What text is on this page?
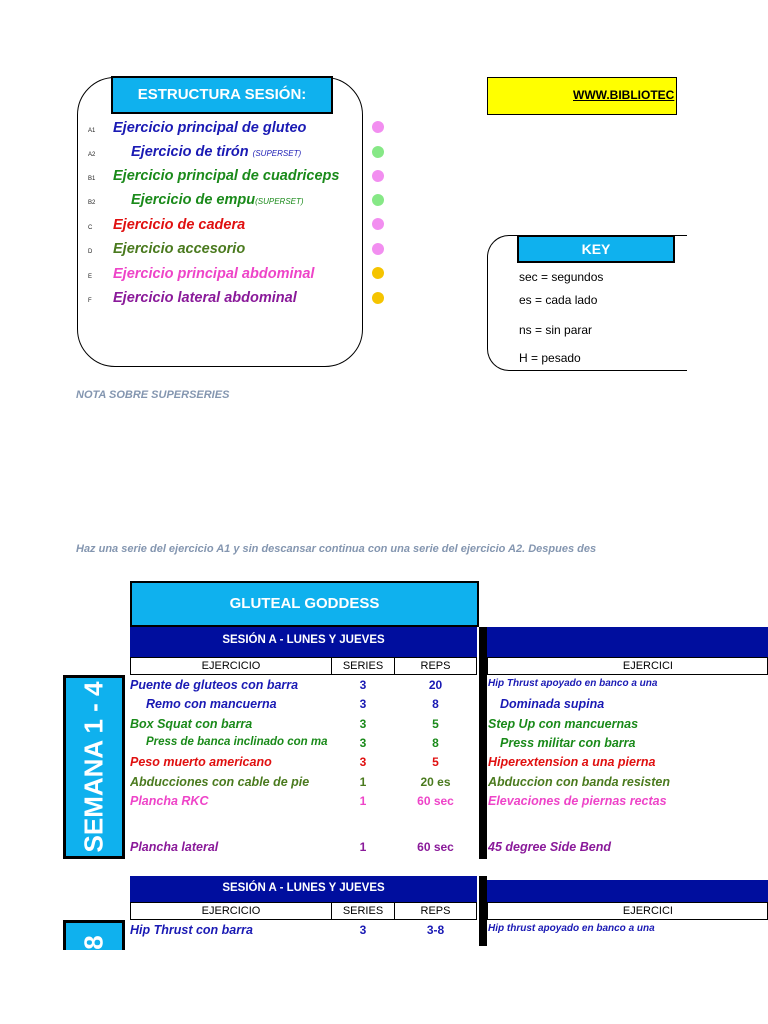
ESTRUCTURA SESIÓN:
A1 Ejercicio principal de gluteo
A2 Ejercicio de tirón (SUPERSET)
B1 Ejercicio principal de cuadriceps
B2 Ejercicio de empu(SUPERSET)
C Ejercicio de cadera
D Ejercicio accesorio
E Ejercicio principal abdominal
F Ejercicio lateral abdominal
WWW.BIBLIOTEC
KEY
sec = segundos
es = cada lado
ns = sin parar
H = pesado
NOTA SOBRE SUPERSERIES
Haz una serie del ejercicio A1 y sin descansar continua con una serie del ejercicio A2. Despues des
GLUTEAL GODDESS
SESIÓN A - LUNES Y JUEVES
EJERCICIO	SERIES	REPS	EJERCICI
SEMANA 1 - 4 Puente de gluteos con barra	3	20	Hip Thrust apoyado en banco a una
Remo con mancuerna	3	8	Dominada supina
Box Squat con barra	3	5	Step Up con mancuernas
Press de banca inclinado con ma	3	8	Press militar con barra
Peso muerto americano	3	5	Hiperextension a una pierna
Abducciones con cable de pie	1	20 es	Abduccion con banda resisten
Plancha RKC	1	60 sec	Elevaciones de piernas rectas
Plancha lateral	1	60 sec	45 degree Side Bend
SESIÓN A - LUNES Y JUEVES
EJERCICIO	SERIES	REPS	EJERCICI
8
Hip Thrust con barra	3	3-8	Hip thrust apoyado en banco a una
